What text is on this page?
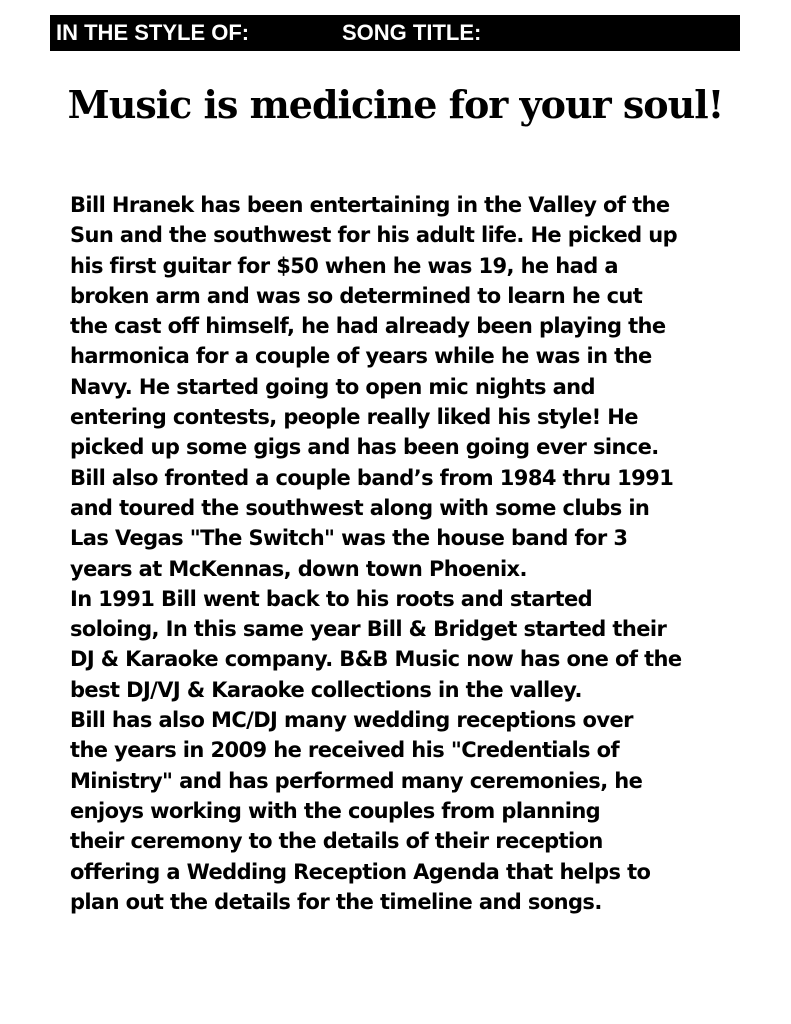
IN THE STYLE OF:	SONG TITLE:
Music is medicine for your soul!
Bill Hranek has been entertaining in the Valley of the
Sun and the southwest for his adult life. He picked up
his first guitar for $50 when he was 19, he had a
broken arm and was so determined to learn he cut
the cast off himself, he had already been playing the
harmonica for a couple of years while he was in the
Navy. He started going to open mic nights and
entering contests, people really liked his style! He
picked up some gigs and has been going ever since.
Bill also fronted a couple band’s from 1984 thru 1991
and toured the southwest along with some clubs in
Las Vegas "The Switch" was the house band for 3
years at McKennas, down town Phoenix.
In 1991 Bill went back to his roots and started
soloing, In this same year Bill & Bridget started their
DJ & Karaoke company. B&B Music now has one of the
best DJ/VJ & Karaoke collections in the valley.
Bill has also MC/DJ many wedding receptions over
the years in 2009 he received his "Credentials of
Ministry" and has performed many ceremonies, he
enjoys working with the couples from planning
their ceremony to the details of their reception
offering a Wedding Reception Agenda that helps to
plan out the details for the timeline and songs.
